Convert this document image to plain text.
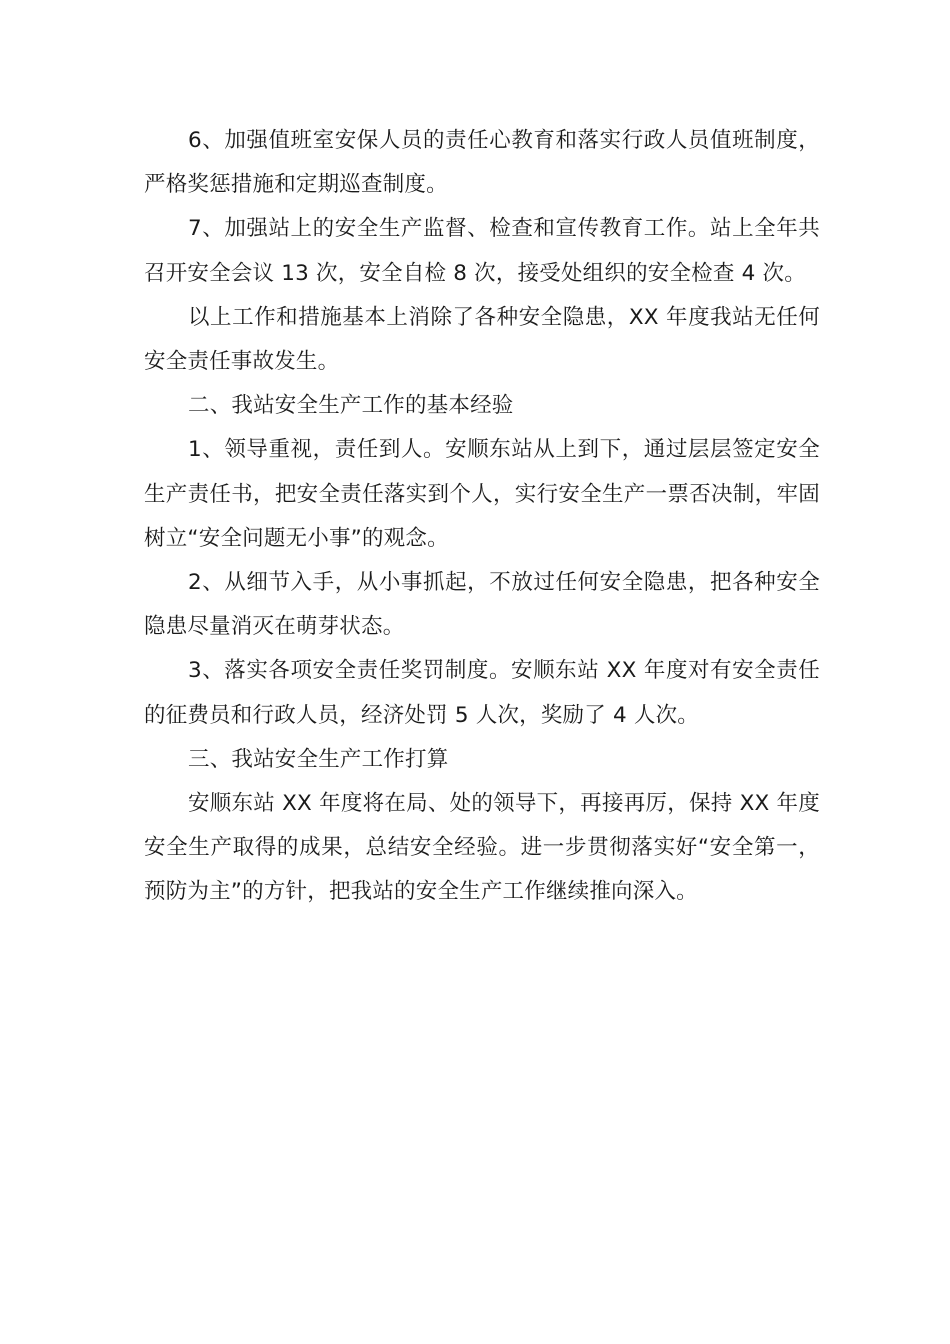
6、加强值班室安保人员的责任心教育和落实行政人员值班制度，严格奖惩措施和定期巡查制度。

7、加强站上的安全生产监督、检查和宣传教育工作。站上全年共召开安全会议 13 次，安全自检 8 次，接受处组织的安全检查 4 次。

以上工作和措施基本上消除了各种安全隐患，XX 年度我站无任何安全责任事故发生。

二、我站安全生产工作的基本经验

1、领导重视，责任到人。安顺东站从上到下，通过层层签定安全生产责任书，把安全责任落实到个人，实行安全生产一票否决制，牢固树立“安全问题无小事”的观念。

2、从细节入手，从小事抓起，不放过任何安全隐患，把各种安全隐患尽量消灭在萌芽状态。

3、落实各项安全责任奖罚制度。安顺东站 XX 年度对有安全责任的征费员和行政人员，经济处罚 5 人次，奖励了 4 人次。

三、我站安全生产工作打算

安顺东站 XX 年度将在局、处的领导下，再接再厉，保持 XX 年度安全生产取得的成果，总结安全经验。进一步贯彻落实好“安全第一，预防为主”的方针，把我站的安全生产工作继续推向深入。
